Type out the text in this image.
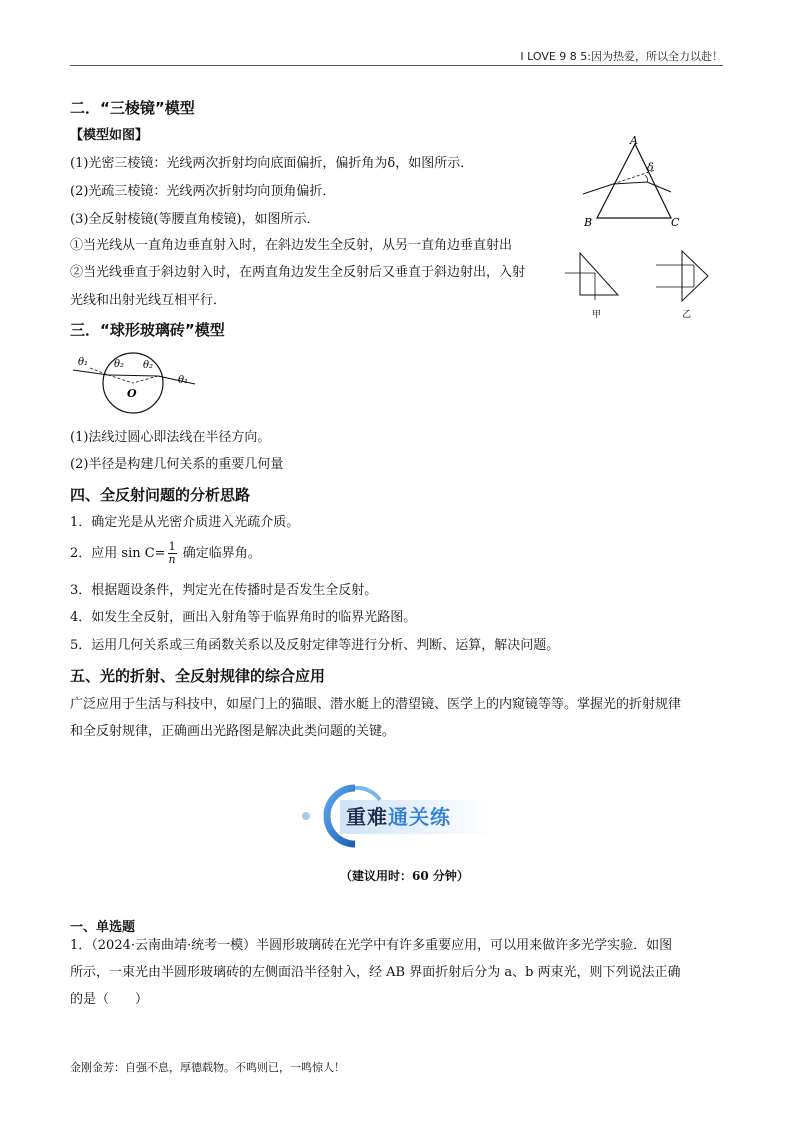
I LOVE 9 8 5:因为热爱，所以全力以赴！
二．“三棱镜”模型
【模型如图】
(1)光密三棱镜：光线两次折射均向底面偏折，偏折角为δ，如图所示．
(2)光疏三棱镜：光线两次折射均向顶角偏折．
(3)全反射棱镜(等腰直角棱镜)，如图所示．
①当光线从一直角边垂直射入时，在斜边发生全反射，从另一直角边垂直射出
②当光线垂直于斜边射入时，在两直角边发生全反射后又垂直于斜边射出，入射
光线和出射光线互相平行．
A
B	C
δ
甲	乙
三．“球形玻璃砖”模型
θ₁	θ₂ θ₂
θ₁
O
(1)法线过圆心即法线在半径方向。
(2)半径是构建几何关系的重要几何量
四、全反射问题的分析思路
1．确定光是从光密介质进入光疏介质。
2．应用 $\sin C= \frac{1}{n}$ 确定临界角。
3．根据题设条件，判定光在传播时是否发生全反射。
4．如发生全反射，画出入射角等于临界角时的临界光路图。
5．运用几何关系或三角函数关系以及反射定律等进行分析、判断、运算，解决问题。
五、光的折射、全反射规律的综合应用
广泛应用于生活与科技中，如屋门上的猫眼、潜水艇上的潜望镜、医学上的内窥镜等等。掌握光的折射规律
和全反射规律，正确画出光路图是解决此类问题的关键。
重难通关练
（建议用时：60 分钟）
一、单选题
1．（2024·云南曲靖·统考一模）半圆形玻璃砖在光学中有许多重要应用，可以用来做许多光学实验．如图
所示，一束光由半圆形玻璃砖的左侧面沿半径射入，经 AB 界面折射后分为 a、b 两束光，则下列说法正确
的是（　　）
金刚金芳：自强不息，厚德载物。不鸣则已，一鸣惊人！
